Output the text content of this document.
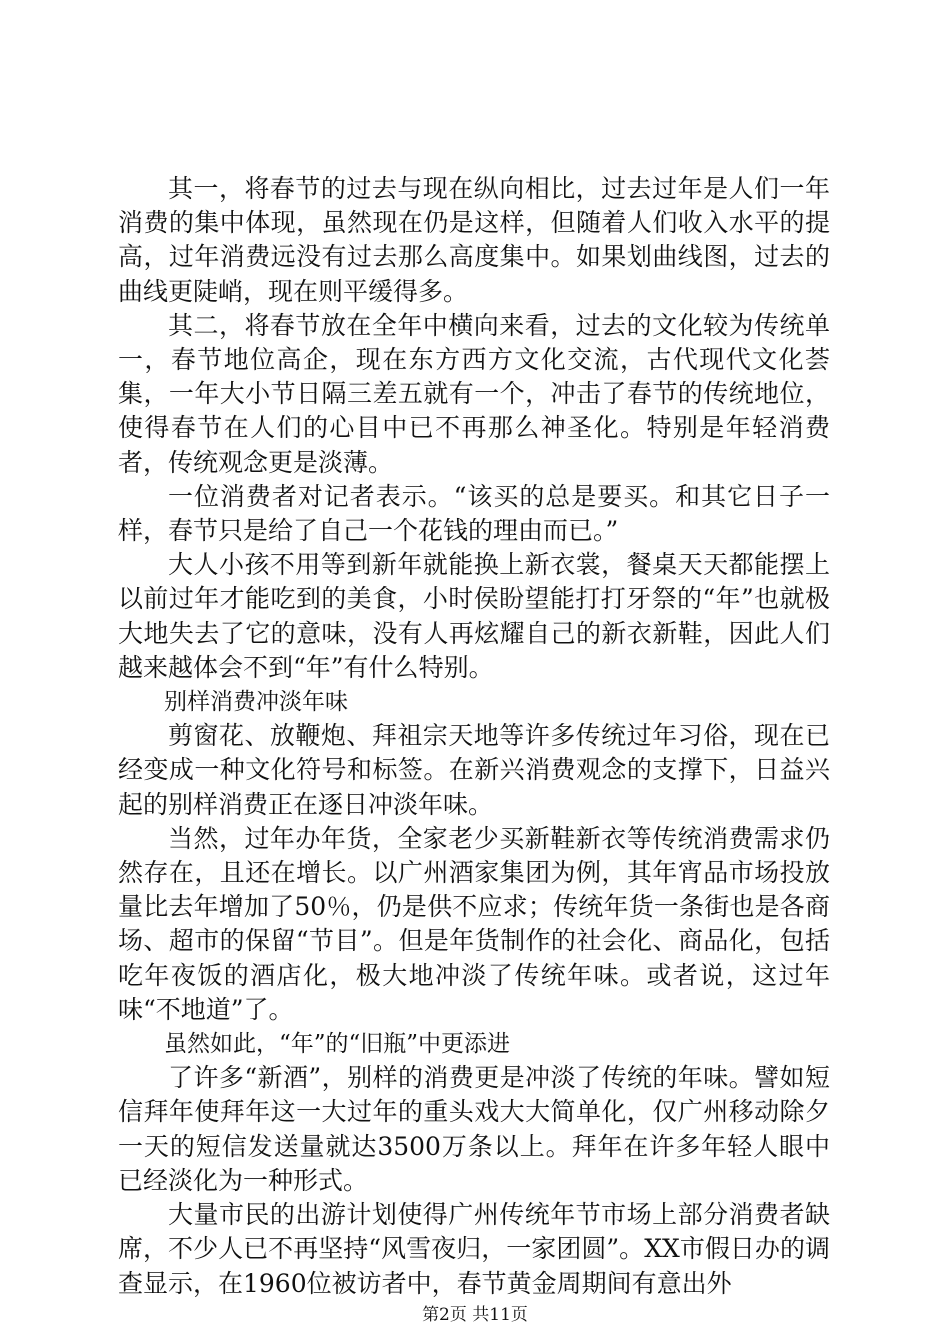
其一，将春节的过去与现在纵向相比，过去过年是人们一年消费的集中体现，虽然现在仍是这样，但随着人们收入水平的提高，过年消费远没有过去那么高度集中。如果划曲线图，过去的曲线更陡峭，现在则平缓得多。

其二，将春节放在全年中横向来看，过去的文化较为传统单一，春节地位高企，现在东方西方文化交流，古代现代文化荟集，一年大小节日隔三差五就有一个，冲击了春节的传统地位，使得春节在人们的心目中已不再那么神圣化。特别是年轻消费者，传统观念更是淡薄。

一位消费者对记者表示。“该买的总是要买。和其它日子一样，春节只是给了自己一个花钱的理由而已。”

大人小孩不用等到新年就能换上新衣裳，餐桌天天都能摆上以前过年才能吃到的美食，小时侯盼望能打打牙祭的“年”也就极大地失去了它的意味，没有人再炫耀自己的新衣新鞋，因此人们越来越体会不到“年”有什么特别。

别样消费冲淡年味

剪窗花、放鞭炮、拜祖宗天地等许多传统过年习俗，现在已经变成一种文化符号和标签。在新兴消费观念的支撑下，日益兴起的别样消费正在逐日冲淡年味。

当然，过年办年货，全家老少买新鞋新衣等传统消费需求仍然存在，且还在增长。以广州酒家集团为例，其年宵品市场投放量比去年增加了50％，仍是供不应求；传统年货一条街也是各商场、超市的保留“节目”。但是年货制作的社会化、商品化，包括吃年夜饭的酒店化，极大地冲淡了传统年味。或者说，这过年味“不地道”了。

虽然如此，“年”的“旧瓶”中更添进

了许多“新酒”，别样的消费更是冲淡了传统的年味。譬如短信拜年使拜年这一大过年的重头戏大大简单化，仅广州移动除夕一天的短信发送量就达3500万条以上。拜年在许多年轻人眼中已经淡化为一种形式。

大量市民的出游计划使得广州传统年节市场上部分消费者缺席，不少人已不再坚持“风雪夜归，一家团圆”。XX市假日办的调查显示，在1960位被访者中，春节黄金周期间有意出外

第2页 共11页
